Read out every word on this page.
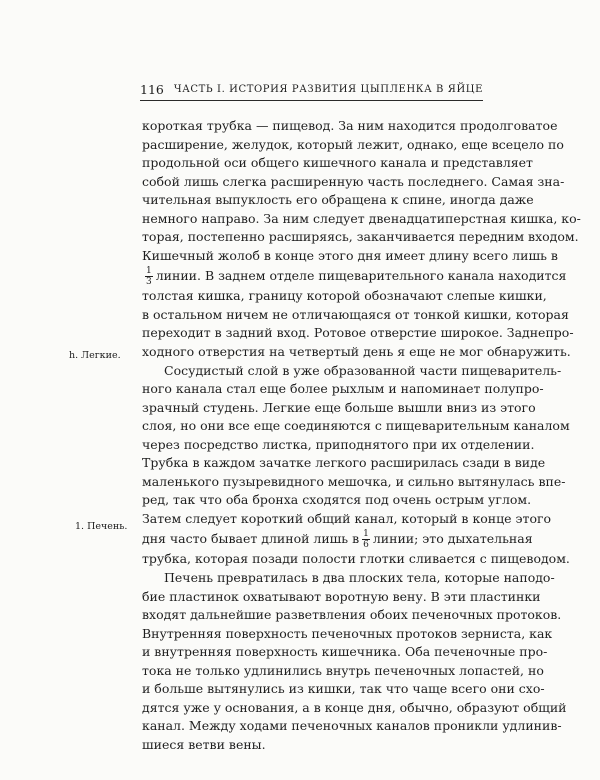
116 ЧАСТЬ I. ИСТОРИЯ РАЗВИТИЯ ЦЫПЛЕНКА В ЯЙЦЕ
h. Легкие.
1. Печень.
короткая трубка — пищевод. За ним находится продолговатое
расширение, желудок, который лежит, однако, еще всецело по
продольной оси общего кишечного канала и представляет
собой лишь слегка расширенную часть последнего. Самая зна-
чительная выпуклость его обращена к спине, иногда даже
немного направо. За ним следует двенадцатиперстная кишка, ко-
торая, постепенно расширяясь, заканчивается передним входом.
Кишечный жолоб в конце этого дня имеет длину всего лишь в
$\frac{1}{3}$ линии. В заднем отделе пищеварительного канала находится
толстая кишка, границу которой обозначают слепые кишки,
в остальном ничем не отличающаяся от тонкой кишки, которая
переходит в задний вход. Ротовое отверстие широкое. Заднепро-
ходного отверстия на четвертый день я еще не мог обнаружить.
Сосудистый слой в уже образованной части пищеваритель-
ного канала стал еще более рыхлым и напоминает полупро-
зрачный студень. Легкие еще больше вышли вниз из этого
слоя, но они все еще соединяются с пищеварительным каналом
через посредство листка, приподнятого при их отделении.
Трубка в каждом зачатке легкого расширилась сзади в виде
маленького пузыревидного мешочка, и сильно вытянулась впе-
ред, так что оба бронха сходятся под очень острым углом.
Затем следует короткий общий канал, который в конце этого
дня часто бывает длиной лишь в $\frac{1}{6}$ линии; это дыхательная
трубка, которая позади полости глотки сливается с пищеводом.
Печень превратилась в два плоских тела, которые наподо-
бие пластинок охватывают воротную вену. В эти пластинки
входят дальнейшие разветвления обоих печеночных протоков.
Внутренняя поверхность печеночных протоков зерниста, как
и внутренняя поверхность кишечника. Оба печеночные про-
тока не только удлинились внутрь печеночных лопастей, но
и больше вытянулись из кишки, так что чаще всего они схо-
дятся уже у основания, а в конце дня, обычно, образуют общий
канал. Между ходами печеночных каналов проникли удлинив-
шиеся ветви вены.
